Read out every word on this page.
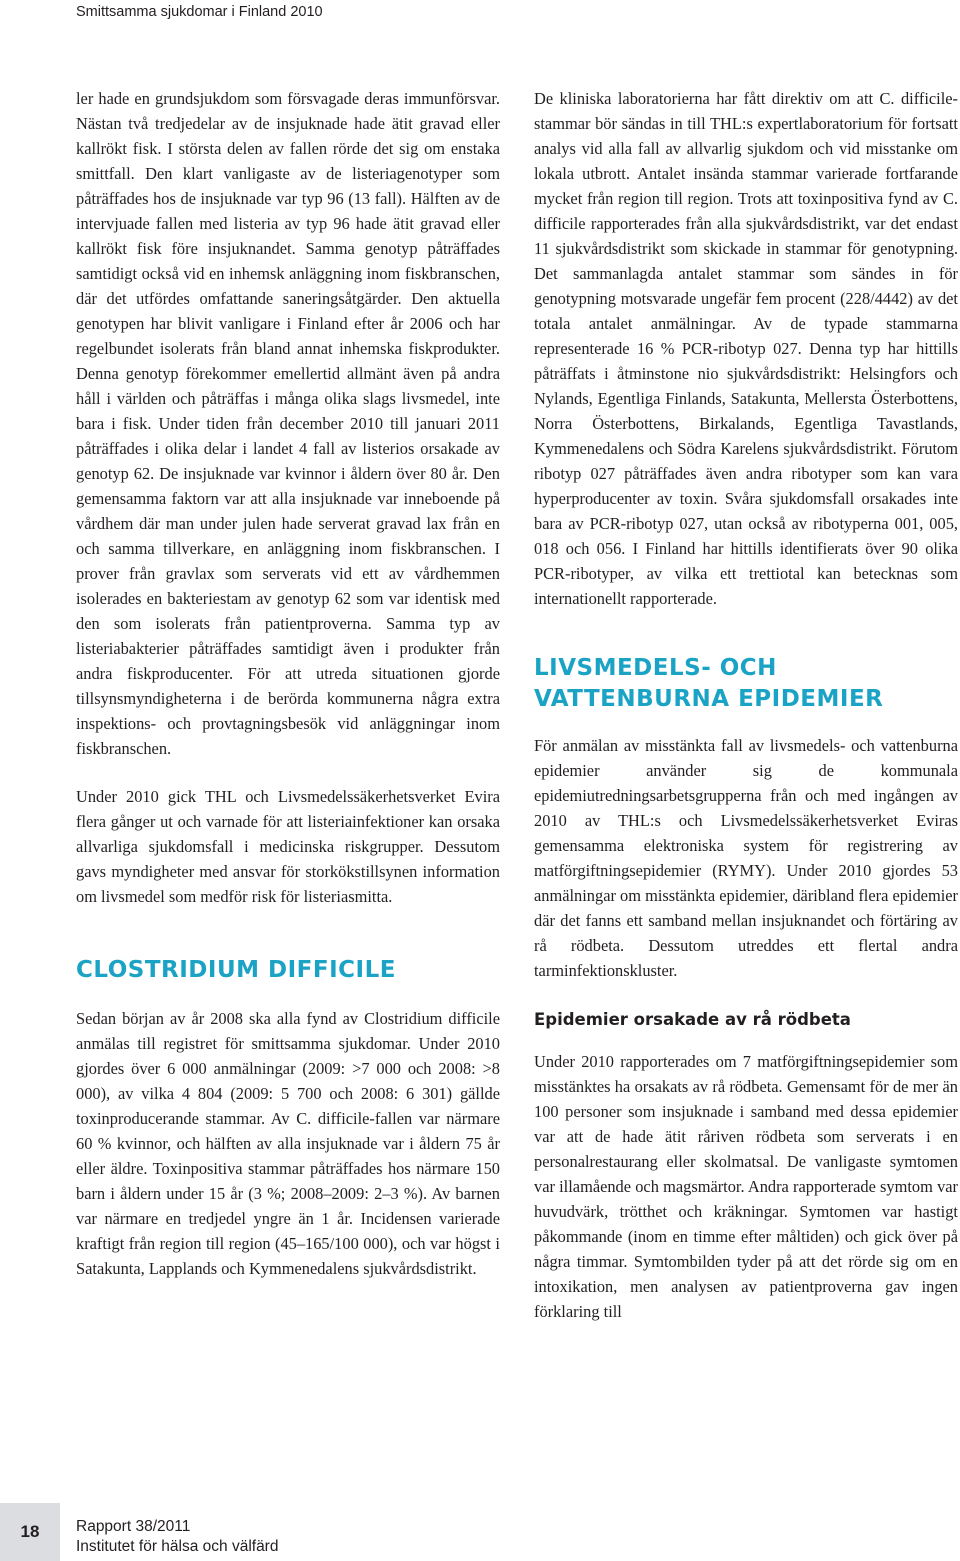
Smittsamma sjukdomar i Finland 2010

ler hade en grundsjukdom som försvagade deras immunförsvar. Nästan två tredjedelar av de insjuknade hade ätit gravad eller kallrökt fisk. I största delen av fallen rörde det sig om enstaka smittfall. Den klart vanligaste av de listeriagenotyper som påträffades hos de insjuknade var typ 96 (13 fall). Hälften av de intervjuade fallen med listeria av typ 96 hade ätit gravad eller kallrökt fisk före insjuknandet. Samma genotyp påträffades samtidigt också vid en inhemsk anläggning inom fiskbranschen, där det utfördes omfattande saneringsåtgärder. Den aktuella genotypen har blivit vanligare i Finland efter år 2006 och har regelbundet isolerats från bland annat inhemska fiskprodukter. Denna genotyp förekommer emellertid allmänt även på andra håll i världen och påträffas i många olika slags livsmedel, inte bara i fisk. Under tiden från december 2010 till januari 2011 påträffades i olika delar i landet 4 fall av listerios orsakade av genotyp 62. De insjuknade var kvinnor i åldern över 80 år. Den gemensamma faktorn var att alla insjuknade var inneboende på vårdhem där man under julen hade serverat gravad lax från en och samma tillverkare, en anläggning inom fiskbranschen. I prover från gravlax som serverats vid ett av vårdhemmen isolerades en bakteriestam av genotyp 62 som var identisk med den som isolerats från patientproverna. Samma typ av listeriabakterier påträffades samtidigt även i produkter från andra fiskproducenter. För att utreda situationen gjorde tillsynsmyndigheterna i de berörda kommunerna några extra inspektions- och provtagningsbesök vid anläggningar inom fiskbranschen.

Under 2010 gick THL och Livsmedelssäkerhetsverket Evira flera gånger ut och varnade för att listeriainfektioner kan orsaka allvarliga sjukdomsfall i medicinska riskgrupper. Dessutom gavs myndigheter med ansvar för storkökstillsynen information om livsmedel som medför risk för listeriasmitta.

CLOSTRIDIUM DIFFICILE

Sedan början av år 2008 ska alla fynd av Clostridium difficile anmälas till registret för smittsamma sjukdomar. Under 2010 gjordes över 6 000 anmälningar (2009: >7 000 och 2008: >8 000), av vilka 4 804 (2009: 5 700 och 2008: 6 301) gällde toxinproducerande stammar. Av C. difficile-fallen var närmare 60 % kvinnor, och hälften av alla insjuknade var i åldern 75 år eller äldre. Toxinpositiva stammar påträffades hos närmare 150 barn i åldern under 15 år (3 %; 2008–2009: 2–3 %). Av barnen var närmare en tredjedel yngre än 1 år. Incidensen varierade kraftigt från region till region (45–165/100 000), och var högst i Satakunta, Lapplands och Kymmenedalens sjukvårdsdistrikt.

De kliniska laboratorierna har fått direktiv om att C. difficile-stammar bör sändas in till THL:s expertlaboratorium för fortsatt analys vid alla fall av allvarlig sjukdom och vid misstanke om lokala utbrott. Antalet insända stammar varierade fortfarande mycket från region till region. Trots att toxinpositiva fynd av C. difficile rapporterades från alla sjukvårdsdistrikt, var det endast 11 sjukvårdsdistrikt som skickade in stammar för genotypning. Det sammanlagda antalet stammar som sändes in för genotypning motsvarade ungefär fem procent (228/4442) av det totala antalet anmälningar. Av de typade stammarna representerade 16 % PCR-ribotyp 027. Denna typ har hittills påträffats i åtminstone nio sjukvårdsdistrikt: Helsingfors och Nylands, Egentliga Finlands, Satakunta, Mellersta Österbottens, Norra Österbottens, Birkalands, Egentliga Tavastlands, Kymmenedalens och Södra Karelens sjukvårdsdistrikt. Förutom ribotyp 027 påträffades även andra ribotyper som kan vara hyperproducenter av toxin. Svåra sjukdomsfall orsakades inte bara av PCR-ribotyp 027, utan också av ribotyperna 001, 005, 018 och 056. I Finland har hittills identifierats över 90 olika PCR-ribotyper, av vilka ett trettiotal kan betecknas som internationellt rapporterade.

LIVSMEDELS- OCH VATTENBURNA EPIDEMIER

För anmälan av misstänkta fall av livsmedels- och vattenburna epidemier använder sig de kommunala epidemiutredningsarbetsgrupperna från och med ingången av 2010 av THL:s och Livsmedelssäkerhetsverket Eviras gemensamma elektroniska system för registrering av matförgiftningsepidemier (RYMY). Under 2010 gjordes 53 anmälningar om misstänkta epidemier, däribland flera epidemier där det fanns ett samband mellan insjuknandet och förtäring av rå rödbeta. Dessutom utreddes ett flertal andra tarminfektionskluster.

Epidemier orsakade av rå rödbeta

Under 2010 rapporterades om 7 matförgiftningsepidemier som misstänktes ha orsakats av rå rödbeta. Gemensamt för de mer än 100 personer som insjuknade i samband med dessa epidemier var att de hade ätit råriven rödbeta som serverats i en personalrestaurang eller skolmatsal. De vanligaste symtomen var illamående och magsmärtor. Andra rapporterade symtom var huvudvärk, trötthet och kräkningar. Symtomen var hastigt påkommande (inom en timme efter måltiden) och gick över på några timmar. Symtombilden tyder på att det rörde sig om en intoxikation, men analysen av patientproverna gav ingen förklaring till

18 Rapport 38/2011
Institutet för hälsa och välfärd
